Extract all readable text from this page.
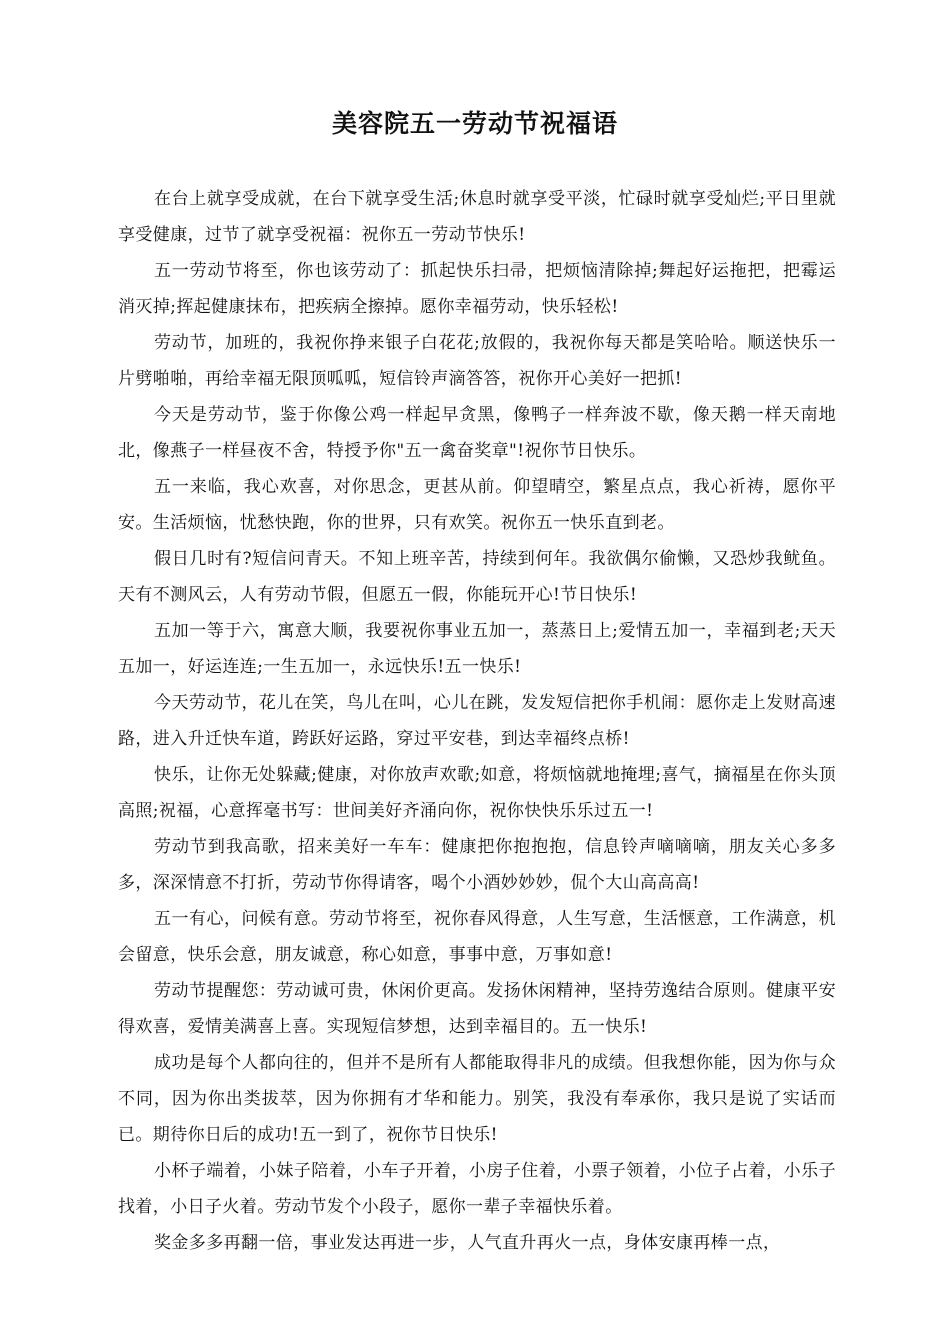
美容院五一劳动节祝福语

在台上就享受成就，在台下就享受生活;休息时就享受平淡，忙碌时就享受灿烂;平日里就享受健康，过节了就享受祝福：祝你五一劳动节快乐!

五一劳动节将至，你也该劳动了：抓起快乐扫帚，把烦恼清除掉;舞起好运拖把，把霉运消灭掉;挥起健康抹布，把疾病全擦掉。愿你幸福劳动，快乐轻松!

劳动节，加班的，我祝你挣来银子白花花;放假的，我祝你每天都是笑哈哈。顺送快乐一片劈啪啪，再给幸福无限顶呱呱，短信铃声滴答答，祝你开心美好一把抓!

今天是劳动节，鉴于你像公鸡一样起早贪黑，像鸭子一样奔波不歇，像天鹅一样天南地北，像燕子一样昼夜不舍，特授予你"五一禽奋奖章"!祝你节日快乐。

五一来临，我心欢喜，对你思念，更甚从前。仰望晴空，繁星点点，我心祈祷，愿你平安。生活烦恼，忧愁快跑，你的世界，只有欢笑。祝你五一快乐直到老。

假日几时有?短信问青天。不知上班辛苦，持续到何年。我欲偶尔偷懒，又恐炒我鱿鱼。天有不测风云，人有劳动节假，但愿五一假，你能玩开心!节日快乐!

五加一等于六，寓意大顺，我要祝你事业五加一，蒸蒸日上;爱情五加一，幸福到老;天天五加一，好运连连;一生五加一，永远快乐!五一快乐!

今天劳动节，花儿在笑，鸟儿在叫，心儿在跳，发发短信把你手机闹：愿你走上发财高速路，进入升迁快车道，跨跃好运路，穿过平安巷，到达幸福终点桥!

快乐，让你无处躲藏;健康，对你放声欢歌;如意，将烦恼就地掩埋;喜气，摘福星在你头顶高照;祝福，心意挥毫书写：世间美好齐涌向你，祝你快快乐乐过五一!

劳动节到我高歌，招来美好一车车：健康把你抱抱抱，信息铃声嘀嘀嘀，朋友关心多多多，深深情意不打折，劳动节你得请客，喝个小酒妙妙妙，侃个大山高高高!

五一有心，问候有意。劳动节将至，祝你春风得意，人生写意，生活惬意，工作满意，机会留意，快乐会意，朋友诚意，称心如意，事事中意，万事如意!

劳动节提醒您：劳动诚可贵，休闲价更高。发扬休闲精神，坚持劳逸结合原则。健康平安得欢喜，爱情美满喜上喜。实现短信梦想，达到幸福目的。五一快乐!

成功是每个人都向往的，但并不是所有人都能取得非凡的成绩。但我想你能，因为你与众不同，因为你出类拔萃，因为你拥有才华和能力。别笑，我没有奉承你，我只是说了实话而已。期待你日后的成功!五一到了，祝你节日快乐!

小杯子端着，小妹子陪着，小车子开着，小房子住着，小票子领着，小位子占着，小乐子找着，小日子火着。劳动节发个小段子，愿你一辈子幸福快乐着。

奖金多多再翻一倍，事业发达再进一步，人气直升再火一点，身体安康再棒一点，
